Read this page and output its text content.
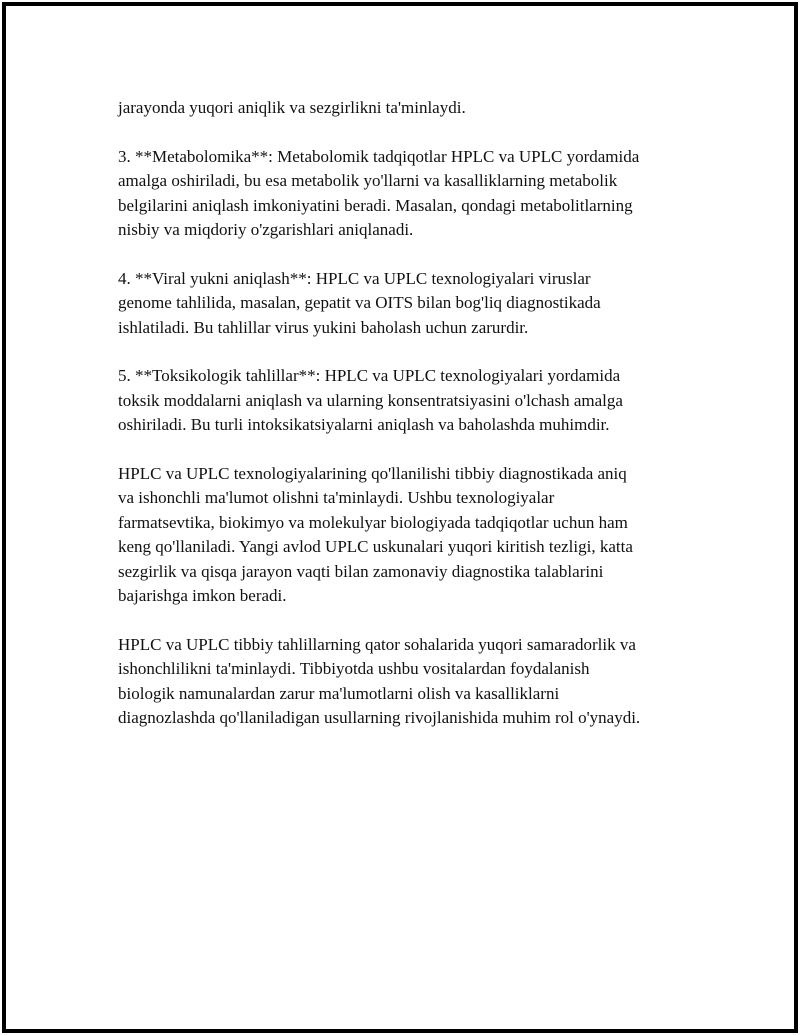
jarayonda yuqori aniqlik va sezgirlikni ta'minlaydi.

3. **Metabolomika**: Metabolomik tadqiqotlar HPLC va UPLC yordamida
amalga oshiriladi, bu esa metabolik yo'llarni va kasalliklarning metabolik
belgilarini aniqlash imkoniyatini beradi. Masalan, qondagi metabolitlarning
nisbiy va miqdoriy o'zgarishlari aniqlanadi.

4. **Viral yukni aniqlash**: HPLC va UPLC texnologiyalari viruslar
genome tahlilida, masalan, gepatit va OITS bilan bog'liq diagnostikada
ishlatiladi. Bu tahlillar virus yukini baholash uchun zarurdir.

5. **Toksikologik tahlillar**: HPLC va UPLC texnologiyalari yordamida
toksik moddalarni aniqlash va ularning konsentratsiyasini o'lchash amalga
oshiriladi. Bu turli intoksikatsiyalarni aniqlash va baholashda muhimdir.

HPLC va UPLC texnologiyalarining qo'llanilishi tibbiy diagnostikada aniq
va ishonchli ma'lumot olishni ta'minlaydi. Ushbu texnologiyalar
farmatsevtika, biokimyo va molekulyar biologiyada tadqiqotlar uchun ham
keng qo'llaniladi. Yangi avlod UPLC uskunalari yuqori kiritish tezligi, katta
sezgirlik va qisqa jarayon vaqti bilan zamonaviy diagnostika talablarini
bajarishga imkon beradi.

HPLC va UPLC tibbiy tahlillarning qator sohalarida yuqori samaradorlik va
ishonchlilikni ta'minlaydi. Tibbiyotda ushbu vositalardan foydalanish
biologik namunalardan zarur ma'lumotlarni olish va kasalliklarni
diagnozlashda qo'llaniladigan usullarning rivojlanishida muhim rol o'ynaydi.
